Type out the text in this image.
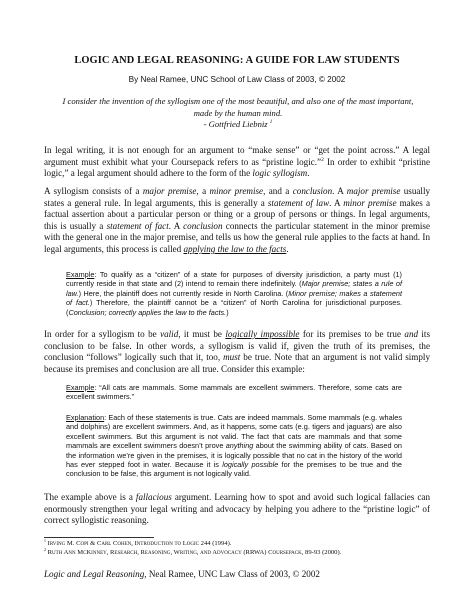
LOGIC AND LEGAL REASONING: A GUIDE FOR LAW STUDENTS
By Neal Ramee, UNC School of Law Class of 2003, © 2002
I consider the invention of the syllogism one of the most beautiful, and also one of the most important,
made by the human mind.
- Gottfried Liebniz $^1$

In legal writing, it is not enough for an argument to “make sense” or “get the point across.” A legal argument must exhibit what your Coursepack refers to as “pristine logic.”$^2$ In order to exhibit “pristine logic,” a legal argument should adhere to the form of the logic syllogism.

A syllogism consists of a major premise, a minor premise, and a conclusion. A major premise usually states a general rule. In legal arguments, this is generally a statement of law. A minor premise makes a factual assertion about a particular person or thing or a group of persons or things. In legal arguments, this is usually a statement of fact. A conclusion connects the particular statement in the minor premise with the general one in the major premise, and tells us how the general rule applies to the facts at hand. In legal arguments, this process is called applying the law to the facts.

Example: To qualify as a “citizen” of a state for purposes of diversity jurisdiction, a party must (1) currently reside in that state and (2) intend to remain there indefinitely. (Major premise; states a rule of law.) Here, the plaintiff does not currently reside in North Carolina. (Minor premise; makes a statement of fact.) Therefore, the plaintiff cannot be a “citizen” of North Carolina for jurisdictional purposes. (Conclusion; correctly applies the law to the facts.)

In order for a syllogism to be valid, it must be logically impossible for its premises to be true and its conclusion to be false. In other words, a syllogism is valid if, given the truth of its premises, the conclusion “follows” logically such that it, too, must be true. Note that an argument is not valid simply because its premises and conclusion are all true. Consider this example:

Example: “All cats are mammals. Some mammals are excellent swimmers. Therefore, some cats are excellent swimmers.”

Explanation: Each of these statements is true. Cats are indeed mammals. Some mammals (e.g. whales and dolphins) are excellent swimmers. And, as it happens, some cats (e.g. tigers and jaguars) are also excellent swimmers. But this argument is not valid. The fact that cats are mammals and that some mammals are excellent swimmers doesn’t prove anything about the swimming ability of cats. Based on the information we’re given in the premises, it is logically possible that no cat in the history of the world has ever stepped foot in water. Because it is logically possible for the premises to be true and the conclusion to be false, this argument is not logically valid.

The example above is a fallacious argument. Learning how to spot and avoid such logical fallacies can enormously strengthen your legal writing and advocacy by helping you adhere to the “pristine logic” of correct syllogistic reasoning.

$^1$ Irving M. Copi & Carl Cohen, Introduction to Logic 244 (1994).
$^2$ Ruth Ann McKinney, Research, Reasoning, Writing, and Advocacy (RRWA) Coursepack, 89-93 (2000).
Logic and Legal Reasoning, Neal Ramee, UNC Law Class of 2003, © 2002
